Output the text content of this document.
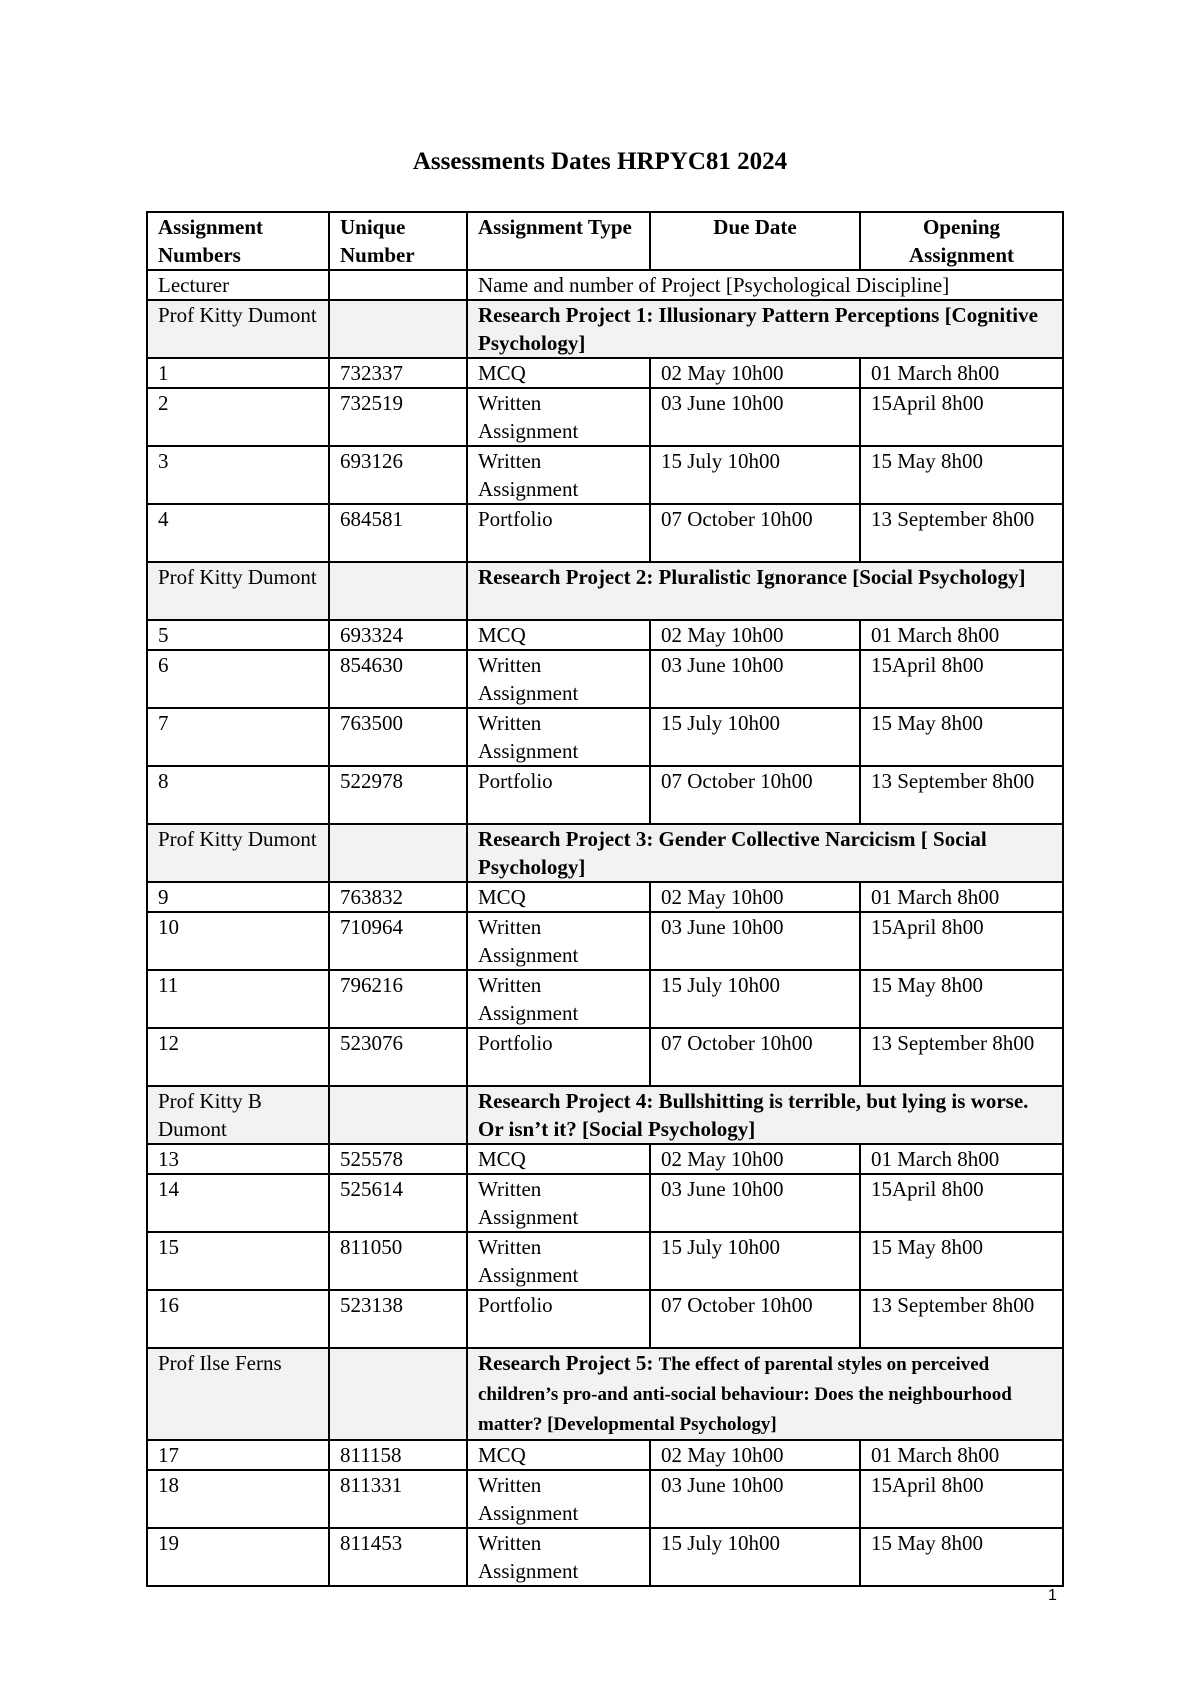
Assessments Dates HRPYC81 2024
Assignment Numbers	Unique Number	Assignment Type	Due Date	Opening Assignment
Lecturer		Name and number of Project [Psychological Discipline]		
Prof Kitty Dumont		Research Project 1: Illusionary Pattern Perceptions [Cognitive Psychology]		
1	732337	MCQ	02 May 10h00	01 March 8h00
2	732519	Written Assignment	03 June 10h00	15April 8h00
3	693126	Written Assignment	15 July 10h00	15 May 8h00
4	684581	Portfolio	07 October 10h00	13 September 8h00
Prof Kitty Dumont		Research Project 2: Pluralistic Ignorance [Social Psychology]		
5	693324	MCQ	02 May 10h00	01 March 8h00
6	854630	Written Assignment	03 June 10h00	15April 8h00
7	763500	Written Assignment	15 July 10h00	15 May 8h00
8	522978	Portfolio	07 October 10h00	13 September 8h00
Prof Kitty Dumont		Research Project 3: Gender Collective Narcicism [ Social Psychology]		
9	763832	MCQ	02 May 10h00	01 March 8h00
10	710964	Written Assignment	03 June 10h00	15April 8h00
11	796216	Written Assignment	15 July 10h00	15 May 8h00
12	523076	Portfolio	07 October 10h00	13 September 8h00
Prof Kitty B Dumont		Research Project 4: Bullshitting is terrible, but lying is worse. Or isn’t it? [Social Psychology]		
13	525578	MCQ	02 May 10h00	01 March 8h00
14	525614	Written Assignment	03 June 10h00	15April 8h00
15	811050	Written Assignment	15 July 10h00	15 May 8h00
16	523138	Portfolio	07 October 10h00	13 September 8h00
Prof Ilse Ferns		Research Project 5: The effect of parental styles on perceived children’s pro-and anti-social behaviour: Does the neighbourhood matter? [Developmental Psychology]		
17	811158	MCQ	02 May 10h00	01 March 8h00
18	811331	Written Assignment	03 June 10h00	15April 8h00
19	811453	Written Assignment	15 July 10h00	15 May 8h00
1
